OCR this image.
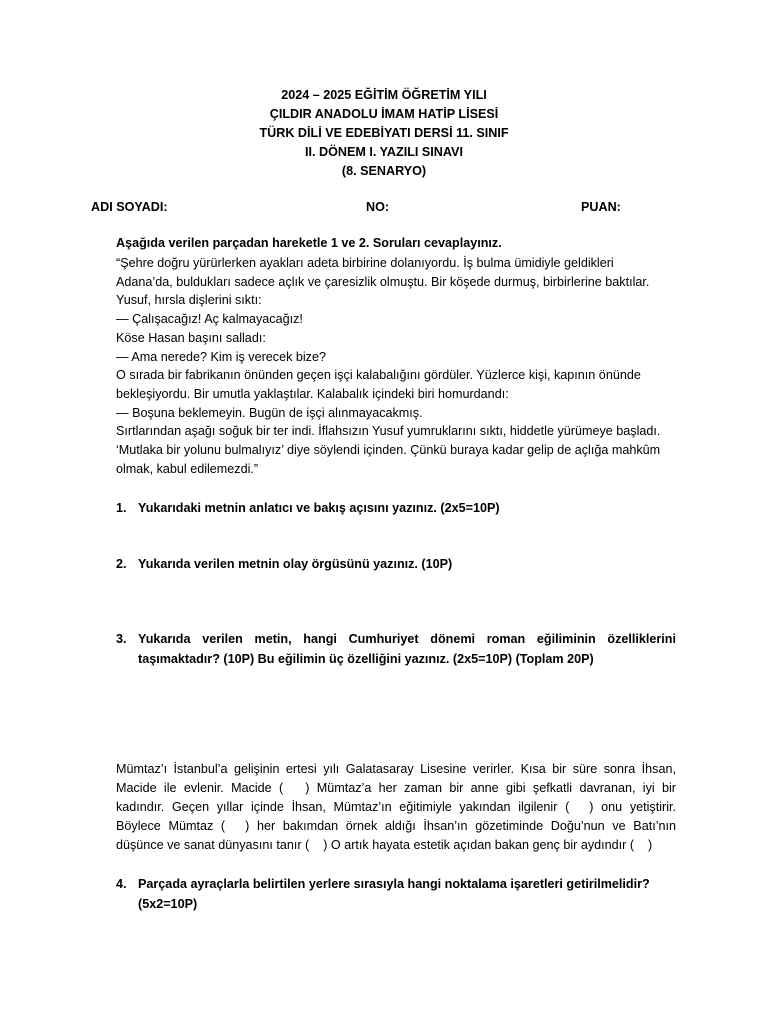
2024 – 2025 EĞİTİM ÖĞRETİM YILI
ÇILDIR ANADOLU İMAM HATİP LİSESİ
TÜRK DİLİ VE EDEBİYATI DERSİ 11. SINIF
II. DÖNEM I. YAZILI SINAVI
(8. SENARYO)
ADI SOYADI:	NO:	PUAN:
Aşağıda verilen parçadan hareketle 1 ve 2. Soruları cevaplayınız.
“Şehre doğru yürürlerken ayakları adeta birbirine dolanıyordu. İş bulma ümidiyle geldikleri
Adana’da, buldukları sadece açlık ve çaresizlik olmuştu. Bir köşede durmuş, birbirlerine baktılar.
Yusuf, hırsla dişlerini sıktı:
— Çalışacağız! Aç kalmayacağız!
Köse Hasan başını salladı:
— Ama nerede? Kim iş verecek bize?
O sırada bir fabrikanın önünden geçen işçi kalabalığını gördüler. Yüzlerce kişi, kapının önünde
bekleşiyordu. Bir umutla yaklaştılar. Kalabalık içindeki biri homurdandı:
— Boşuna beklemeyin. Bugün de işçi alınmayacakmış.
Sırtlarından aşağı soğuk bir ter indi. İflahsızın Yusuf yumruklarını sıktı, hiddetle yürümeye başladı.
‘Mutlaka bir yolunu bulmalıyız’ diye söylendi içinden. Çünkü buraya kadar gelip de açlığa mahkûm
olmak, kabul edilemezdi.”
1. Yukarıdaki metnin anlatıcı ve bakış açısını yazınız. (2x5=10P)
2. Yukarıda verilen metnin olay örgüsünü yazınız. (10P)
3. Yukarıda verilen metin, hangi Cumhuriyet dönemi roman eğiliminin özelliklerini taşımaktadır? (10P) Bu eğilimin üç özelliğini yazınız. (2x5=10P) (Toplam 20P)
Mümtaz’ı İstanbul’a gelişinin ertesi yılı Galatasaray Lisesine verirler. Kısa bir süre sonra İhsan,
Macide ile evlenir. Macide ( ) Mümtaz’a her zaman bir anne gibi şefkatli davranan, iyi bir
kadındır. Geçen yıllar içinde İhsan, Mümtaz’ın eğitimiyle yakından ilgilenir ( ) onu yetiştirir.
Böylece Mümtaz ( ) her bakımdan örnek aldığı İhsan’ın gözetiminde Doğu’nun ve Batı’nın
düşünce ve sanat dünyasını tanır ( ) O artık hayata estetik açıdan bakan genç bir aydındır ( )
4. Parçada ayraçlarla belirtilen yerlere sırasıyla hangi noktalama işaretleri getirilmelidir? (5x2=10P)
